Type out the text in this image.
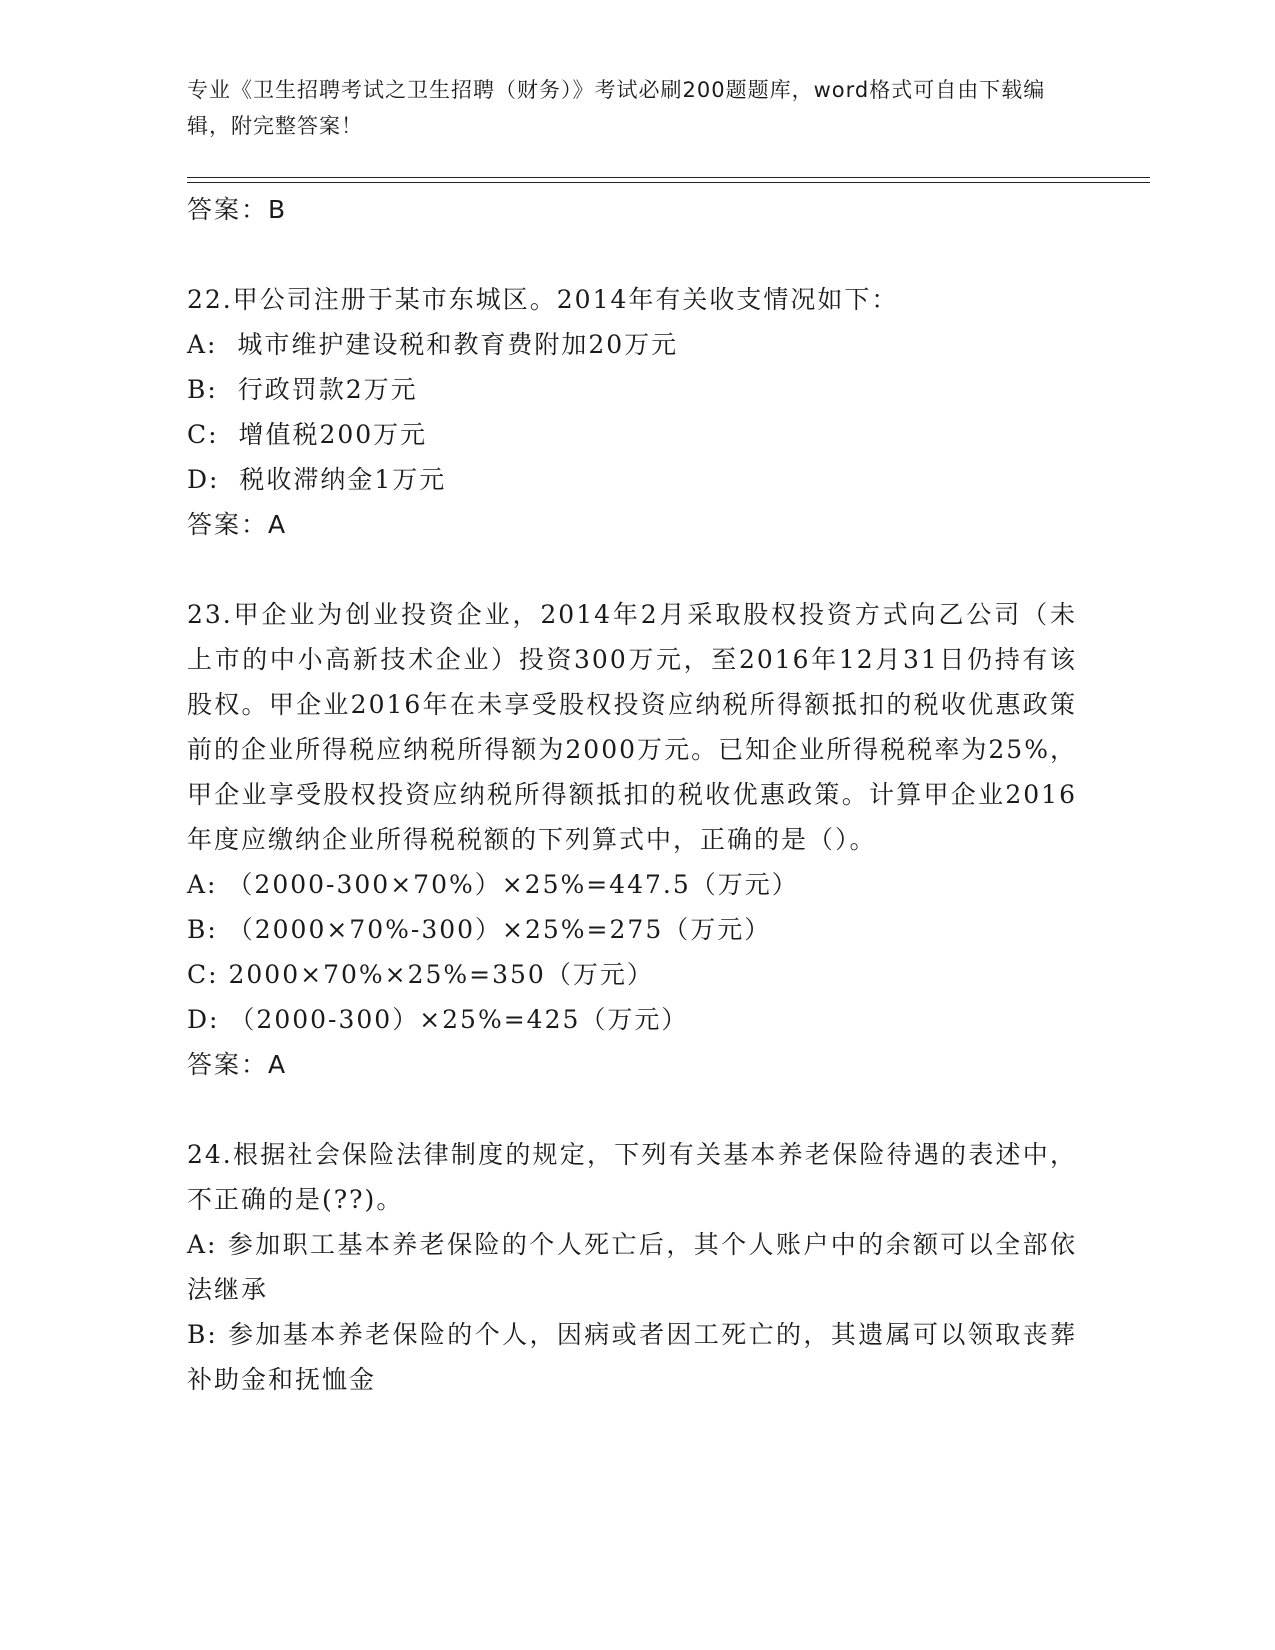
专业《卫生招聘考试之卫生招聘（财务）》考试必刷200题题库，word格式可自由下载编辑，附完整答案！
答案：B
22.甲公司注册于某市东城区。2014年有关收支情况如下：
A:  城市维护建设税和教育费附加20万元
B:  行政罚款2万元
C:  增值税200万元
D:  税收滞纳金1万元
答案：A
23.甲企业为创业投资企业，2014年2月采取股权投资方式向乙公司（未上市的中小高新技术企业）投资300万元，至2016年12月31日仍持有该股权。甲企业2016年在未享受股权投资应纳税所得额抵扣的税收优惠政策前的企业所得税应纳税所得额为2000万元。已知企业所得税税率为25%，甲企业享受股权投资应纳税所得额抵扣的税收优惠政策。计算甲企业2016年度应缴纳企业所得税税额的下列算式中，正确的是（）。
A: （2000-300×70%）×25%=447.5（万元）
B: （2000×70%-300）×25%=275（万元）
C: 2000×70%×25%=350（万元）
D: （2000-300）×25%=425（万元）
答案：A
24.根据社会保险法律制度的规定，下列有关基本养老保险待遇的表述中，不正确的是(??)。
A: 参加职工基本养老保险的个人死亡后，其个人账户中的余额可以全部依法继承
B: 参加基本养老保险的个人，因病或者因工死亡的，其遗属可以领取丧葬补助金和抚恤金
